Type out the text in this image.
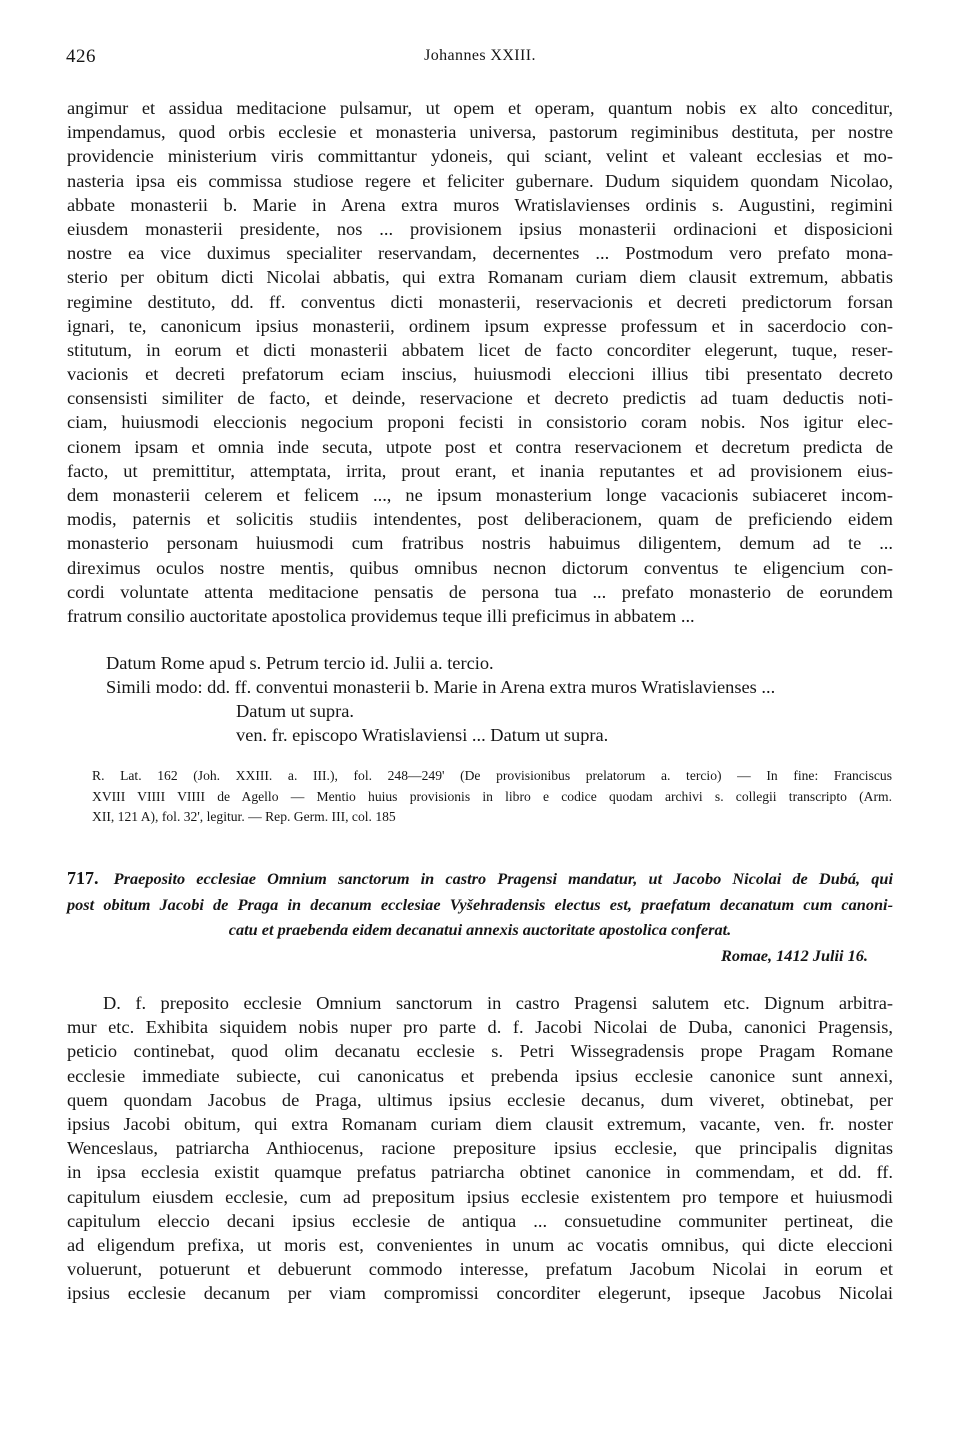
426	Johannes XXIII.
angimur et assidua meditacione pulsamur, ut opem et operam, quantum nobis ex alto conceditur,
impendamus, quod orbis ecclesie et monasteria universa, pastorum regiminibus destituta, per nostre
providencie ministerium viris committantur ydoneis, qui sciant, velint et valeant ecclesias et mo-
nasteria ipsa eis commissa studiose regere et feliciter gubernare. Dudum siquidem quondam Nicolao,
abbate monasterii b. Marie in Arena extra muros Wratislavienses ordinis s. Augustini, regimini
eiusdem monasterii presidente, nos ... provisionem ipsius monasterii ordinacioni et disposicioni
nostre ea vice duximus specialiter reservandam, decernentes ... Postmodum vero prefato mona-
sterio per obitum dicti Nicolai abbatis, qui extra Romanam curiam diem clausit extremum, abbatis
regimine destituto, dd. ff. conventus dicti monasterii, reservacionis et decreti predictorum forsan
ignari, te, canonicum ipsius monasterii, ordinem ipsum expresse professum et in sacerdocio con-
stitutum, in eorum et dicti monasterii abbatem licet de facto concorditer elegerunt, tuque, reser-
vacionis et decreti prefatorum eciam inscius, huiusmodi eleccioni illius tibi presentato decreto
consensisti similiter de facto, et deinde, reservacione et decreto predictis ad tuam deductis noti-
ciam, huiusmodi eleccionis negocium proponi fecisti in consistorio coram nobis. Nos igitur elec-
cionem ipsam et omnia inde secuta, utpote post et contra reservacionem et decretum predicta de
facto, ut premittitur, attemptata, irrita, prout erant, et inania reputantes et ad provisionem eius-
dem monasterii celerem et felicem ..., ne ipsum monasterium longe vacacionis subiaceret incom-
modis, paternis et solicitis studiis intendentes, post deliberacionem, quam de preficiendo eidem
monasterio personam huiusmodi cum fratribus nostris habuimus diligentem, demum ad te ...
direximus oculos nostre mentis, quibus omnibus necnon dictorum conventus te eligencium con-
cordi voluntate attenta meditacione pensatis de persona tua ... prefato monasterio de eorundem
fratrum consilio auctoritate apostolica providemus teque illi preficimus in abbatem ...
Datum Rome apud s. Petrum tercio id. Julii a. tercio.
Simili modo: dd. ff. conventui monasterii b. Marie in Arena extra muros Wratislavienses ...
Datum ut supra.
ven. fr. episcopo Wratislaviensi ... Datum ut supra.
R. Lat. 162 (Joh. XXIII. a. III.), fol. 248—249' (De provisionibus prelatorum a. tercio) — In fine: Franciscus
XVIII VIIII VIIII de Agello — Mentio huius provisionis in libro e codice quodam archivi s. collegii transcripto (Arm.
XII, 121 A), fol. 32', legitur. — Rep. Germ. III, col. 185
717. Praeposito ecclesiae Omnium sanctorum in castro Pragensi mandatur, ut Jacobo Nicolai de Dubá, qui
post obitum Jacobi de Praga in decanum ecclesiae Vyšehradensis electus est, praefatum decanatum cum canoni-
catu et praebenda eidem decanatui annexis auctoritate apostolica conferat.
Romae, 1412 Julii 16.
D. f. preposito ecclesie Omnium sanctorum in castro Pragensi salutem etc. Dignum arbitra-
mur etc. Exhibita siquidem nobis nuper pro parte d. f. Jacobi Nicolai de Duba, canonici Pragensis,
peticio continebat, quod olim decanatu ecclesie s. Petri Wissegradensis prope Pragam Romane
ecclesie immediate subiecte, cui canonicatus et prebenda ipsius ecclesie canonice sunt annexi,
quem quondam Jacobus de Praga, ultimus ipsius ecclesie decanus, dum viveret, obtinebat, per
ipsius Jacobi obitum, qui extra Romanam curiam diem clausit extremum, vacante, ven. fr. noster
Wenceslaus, patriarcha Anthiocenus, racione prepositure ipsius ecclesie, que principalis dignitas
in ipsa ecclesia existit quamque prefatus patriarcha obtinet canonice in commendam, et dd. ff.
capitulum eiusdem ecclesie, cum ad prepositum ipsius ecclesie existentem pro tempore et huiusmodi
capitulum eleccio decani ipsius ecclesie de antiqua ... consuetudine communiter pertineat, die
ad eligendum prefixa, ut moris est, convenientes in unum ac vocatis omnibus, qui dicte eleccioni
voluerunt, potuerunt et debuerunt commodo interesse, prefatum Jacobum Nicolai in eorum et
ipsius ecclesie decanum per viam compromissi concorditer elegerunt, ipseque Jacobus Nicolai
